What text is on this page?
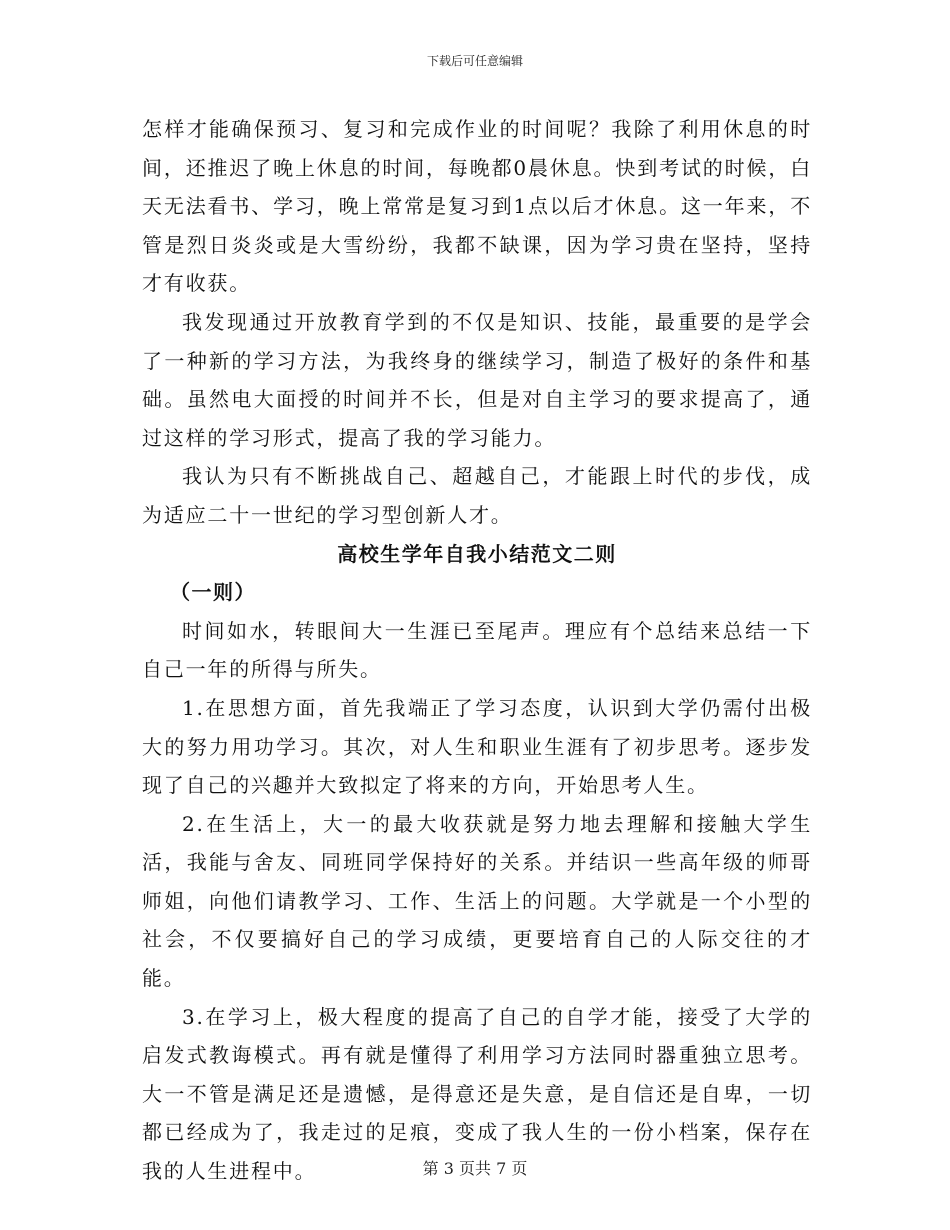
下载后可任意编辑

怎样才能确保预习、复习和完成作业的时间呢？我除了利用休息的时间，还推迟了晚上休息的时间，每晚都0晨休息。快到考试的时候，白天无法看书、学习，晚上常常是复习到1点以后才休息。这一年来，不管是烈日炎炎或是大雪纷纷，我都不缺课，因为学习贵在坚持，坚持才有收获。

我发现通过开放教育学到的不仅是知识、技能，最重要的是学会了一种新的学习方法，为我终身的继续学习，制造了极好的条件和基础。虽然电大面授的时间并不长，但是对自主学习的要求提高了，通过这样的学习形式，提高了我的学习能力。

我认为只有不断挑战自己、超越自己，才能跟上时代的步伐，成为适应二十一世纪的学习型创新人才。

高校生学年自我小结范文二则

（一则）

时间如水，转眼间大一生涯已至尾声。理应有个总结来总结一下自己一年的所得与所失。

1.在思想方面，首先我端正了学习态度，认识到大学仍需付出极大的努力用功学习。其次，对人生和职业生涯有了初步思考。逐步发现了自己的兴趣并大致拟定了将来的方向，开始思考人生。

2.在生活上，大一的最大收获就是努力地去理解和接触大学生活，我能与舍友、同班同学保持好的关系。并结识一些高年级的师哥师姐，向他们请教学习、工作、生活上的问题。大学就是一个小型的社会，不仅要搞好自己的学习成绩，更要培育自己的人际交往的才能。

3.在学习上，极大程度的提高了自己的自学才能，接受了大学的启发式教诲模式。再有就是懂得了利用学习方法同时器重独立思考。大一不管是满足还是遗憾，是得意还是失意，是自信还是自卑，一切都已经成为了，我走过的足痕，变成了我人生的一份小档案，保存在我的人生进程中。	第 3 页共 7 页
